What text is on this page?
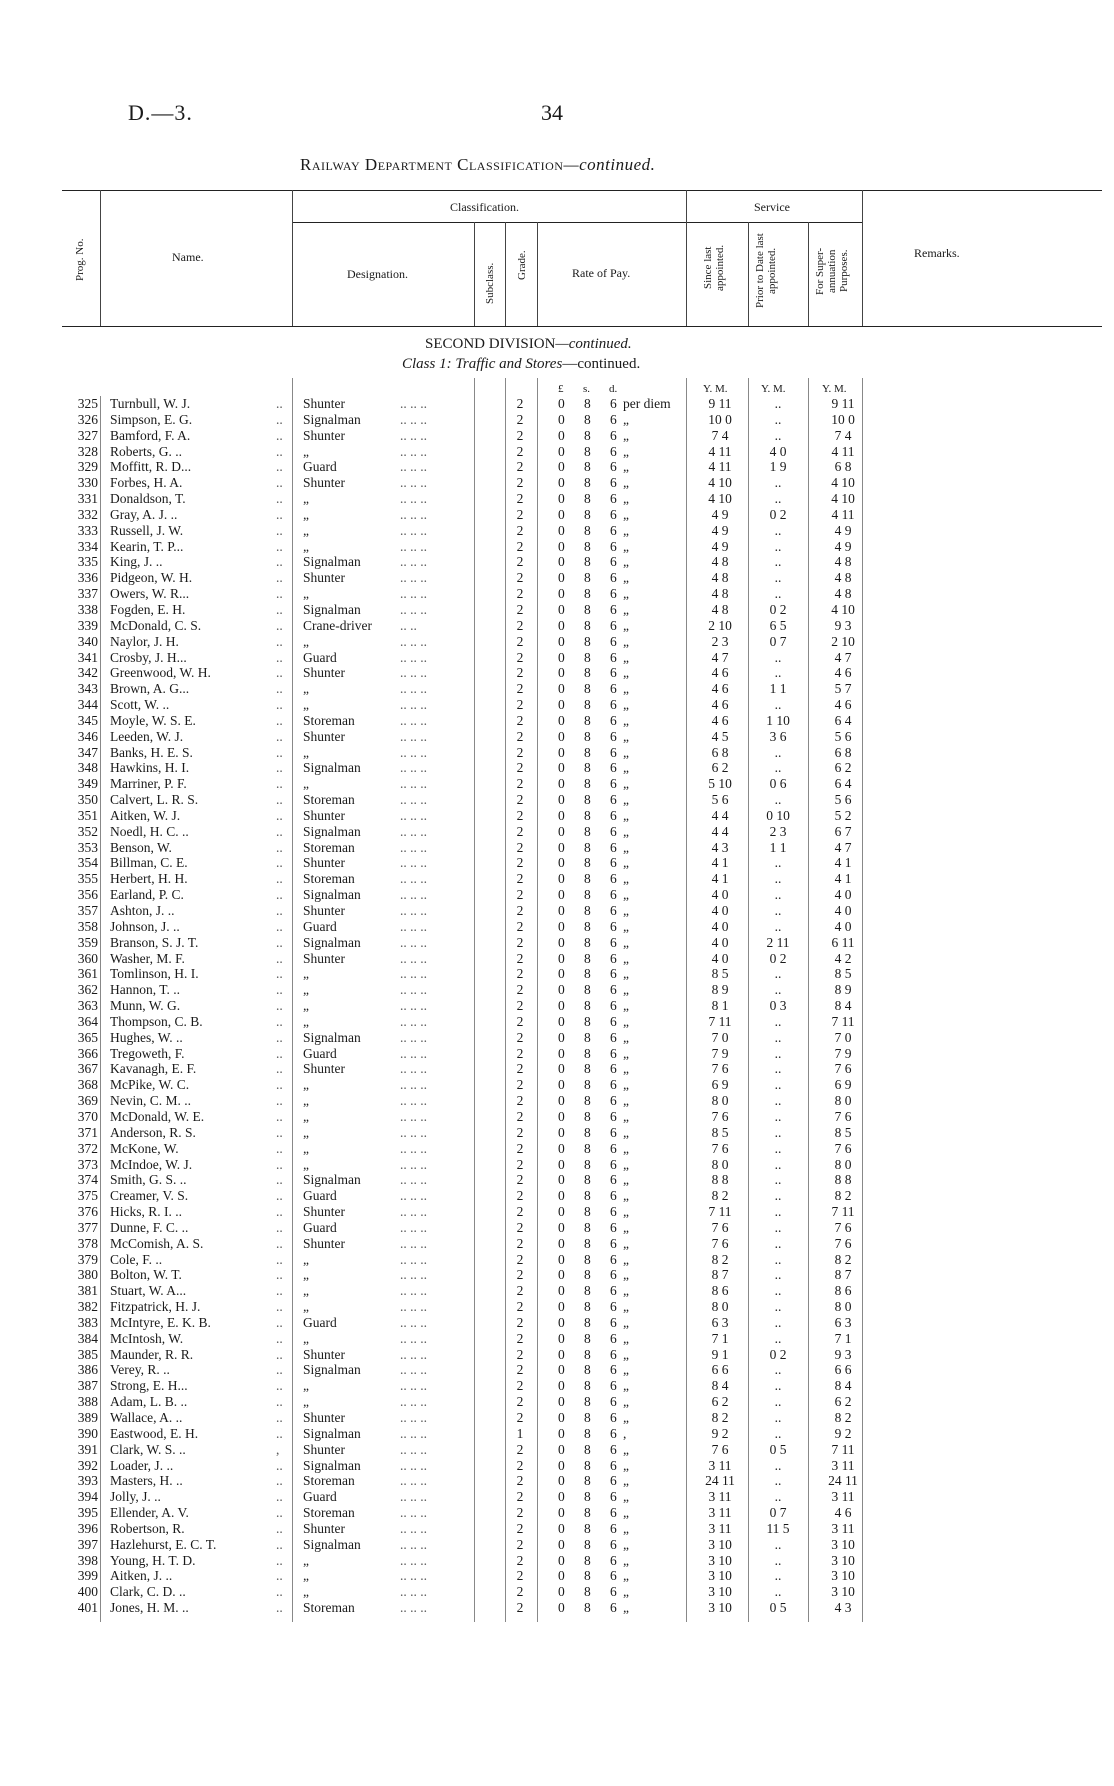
D.—3.	34
Railway Department Classification—continued.
Prog. No.	Name.
Classification.
Designation.	Subclass. Grade.	Rate of Pay.
Service
Since last appointed.	Prior to Date last appointed.	For Super- annuation Purposes.	Remarks.
SECOND DIVISION—continued.
Class 1: Traffic and Stores—continued.
£ s. d.	Y. M.	Y. M.	Y. M.
325 Turnbull, W. J.	.. Shunter	.. .. ..	2	0 8 6 per diem	9 11	..	9 11
326 Simpson, E. G.	.. Signalman	.. .. ..	2	0 8 6 „	10 0	..	10 0
327 Bamford, F. A.	.. Shunter	.. .. ..	2	0 8 6 „	7 4	..	7 4
328 Roberts, G. ..	.. „	.. .. ..	2	0 8 6 „	4 11	4 0	4 11
329 Moffitt, R. D...	.. Guard	.. .. ..	2	0 8 6 „	4 11	1 9	6 8
330 Forbes, H. A.	.. Shunter	.. .. ..	2	0 8 6 „	4 10	..	4 10
331 Donaldson, T.	.. „	.. .. ..	2	0 8 6 „	4 10	..	4 10
332 Gray, A. J. ..	.. „	.. .. ..	2	0 8 6 „	4 9	0 2	4 11
333 Russell, J. W.	.. „	.. .. ..	2	0 8 6 „	4 9	..	4 9
334 Kearin, T. P...	.. „	.. .. ..	2	0 8 6 „	4 9	..	4 9
335 King, J. ..	.. Signalman	.. .. ..	2	0 8 6 „	4 8	..	4 8
336 Pidgeon, W. H.	.. Shunter	.. .. ..	2	0 8 6 „	4 8	..	4 8
337 Owers, W. R...	.. „	.. .. ..	2	0 8 6 „	4 8	..	4 8
338 Fogden, E. H.	.. Signalman	.. .. ..	2	0 8 6 „	4 8	0 2	4 10
339 McDonald, C. S.	.. Crane-driver .. ..	2	0 8 6 „	2 10	6 5	9 3
340 Naylor, J. H.	.. „	.. .. ..	2	0 8 6 „	2 3	0 7	2 10
341 Crosby, J. H...	.. Guard	.. .. ..	2	0 8 6 „	4 7	..	4 7
342 Greenwood, W. H.	.. Shunter	.. .. ..	2	0 8 6 „	4 6	..	4 6
343 Brown, A. G...	.. „	.. .. ..	2	0 8 6 „	4 6	1 1	5 7
344 Scott, W. ..	.. „	.. .. ..	2	0 8 6 „	4 6	..	4 6
345 Moyle, W. S. E.	.. Storeman	.. .. ..	2	0 8 6 „	4 6	1 10	6 4
346 Leeden, W. J.	.. Shunter	.. .. ..	2	0 8 6 „	4 5	3 6	5 6
347 Banks, H. E. S.	.. „	.. .. ..	2	0 8 6 „	6 8	..	6 8
348 Hawkins, H. I.	.. Signalman	.. .. ..	2	0 8 6 „	6 2	..	6 2
349 Marriner, P. F.	.. „	.. .. ..	2	0 8 6 „	5 10	0 6	6 4
350 Calvert, L. R. S.	.. Storeman	.. .. ..	2	0 8 6 „	5 6	..	5 6
351 Aitken, W. J.	.. Shunter	.. .. ..	2	0 8 6 „	4 4	0 10	5 2
352 Noedl, H. C. ..	.. Signalman	.. .. ..	2	0 8 6 „	4 4	2 3	6 7
353 Benson, W.	.. Storeman	.. .. ..	2	0 8 6 „	4 3	1 1	4 7
354 Billman, C. E.	.. Shunter	.. .. ..	2	0 8 6 „	4 1	..	4 1
355 Herbert, H. H.	.. Storeman	.. .. ..	2	0 8 6 „	4 1	..	4 1
356 Earland, P. C.	.. Signalman	.. .. ..	2	0 8 6 „	4 0	..	4 0
357 Ashton, J. ..	.. Shunter	.. .. ..	2	0 8 6 „	4 0	..	4 0
358 Johnson, J. ..	.. Guard	.. .. ..	2	0 8 6 „	4 0	..	4 0
359 Branson, S. J. T.	.. Signalman	.. .. ..	2	0 8 6 „	4 0	2 11	6 11
360 Washer, M. F.	.. Shunter	.. .. ..	2	0 8 6 „	4 0	0 2	4 2
361 Tomlinson, H. I.	.. „	.. .. ..	2	0 8 6 „	8 5	..	8 5
362 Hannon, T. ..	.. „	.. .. ..	2	0 8 6 „	8 9	..	8 9
363 Munn, W. G.	.. „	.. .. ..	2	0 8 6 „	8 1	0 3	8 4
364 Thompson, C. B.	.. „	.. .. ..	2	0 8 6 „	7 11	..	7 11
365 Hughes, W. ..	.. Signalman	.. .. ..	2	0 8 6 „	7 0	..	7 0
366 Tregoweth, F.	.. Guard	.. .. ..	2	0 8 6 „	7 9	..	7 9
367 Kavanagh, E. F.	.. Shunter	.. .. ..	2	0 8 6 „	7 6	..	7 6
368 McPike, W. C.	.. „	.. .. ..	2	0 8 6 „	6 9	..	6 9
369 Nevin, C. M. ..	.. „	.. .. ..	2	0 8 6 „	8 0	..	8 0
370 McDonald, W. E.	.. „	.. .. ..	2	0 8 6 „	7 6	..	7 6
371 Anderson, R. S.	.. „	.. .. ..	2	0 8 6 „	8 5	..	8 5
372 McKone, W.	.. „	.. .. ..	2	0 8 6 „	7 6	..	7 6
373 McIndoe, W. J.	.. „	.. .. ..	2	0 8 6 „	8 0	..	8 0
374 Smith, G. S. ..	.. Signalman	.. .. ..	2	0 8 6 „	8 8	..	8 8
375 Creamer, V. S.	.. Guard	.. .. ..	2	0 8 6 „	8 2	..	8 2
376 Hicks, R. I. ..	.. Shunter	.. .. ..	2	0 8 6 „	7 11	..	7 11
377 Dunne, F. C. ..	.. Guard	.. .. ..	2	0 8 6 „	7 6	..	7 6
378 McComish, A. S.	.. Shunter	.. .. ..	2	0 8 6 „	7 6	..	7 6
379 Cole, F. ..	.. „	.. .. ..	2	0 8 6 „	8 2	..	8 2
380 Bolton, W. T.	.. „	.. .. ..	2	0 8 6 „	8 7	..	8 7
381 Stuart, W. A...	.. „	.. .. ..	2	0 8 6 „	8 6	..	8 6
382 Fitzpatrick, H. J.	.. „	.. .. ..	2	0 8 6 „	8 0	..	8 0
383 McIntyre, E. K. B.	.. Guard	.. .. ..	2	0 8 6 „	6 3	..	6 3
384 McIntosh, W.	.. „	.. .. ..	2	0 8 6 „	7 1	..	7 1
385 Maunder, R. R.	.. Shunter	.. .. ..	2	0 8 6 „	9 1	0 2	9 3
386 Verey, R. ..	.. Signalman	.. .. ..	2	0 8 6 „	6 6	..	6 6
387 Strong, E. H...	.. „	.. .. ..	2	0 8 6 „	8 4	..	8 4
388 Adam, L. B. ..	.. „	.. .. ..	2	0 8 6 „	6 2	..	6 2
389 Wallace, A. ..	.. Shunter	.. .. ..	2	0 8 6 „	8 2	..	8 2
390 Eastwood, E. H.	.. Signalman	.. .. ..	1	0 8 6 ,	9 2	..	9 2
391 Clark, W. S. ..	, Shunter	.. .. ..	2	0 8 6 „	7 6	0 5	7 11
392 Loader, J. ..	.. Signalman	.. .. ..	2	0 8 6 „	3 11	..	3 11
393 Masters, H. ..	.. Storeman	.. .. ..	2	0 8 6 „	24 11	..	24 11
394 Jolly, J. ..	.. Guard	.. .. ..	2	0 8 6 „	3 11	..	3 11
395 Ellender, A. V.	.. Storeman	.. .. ..	2	0 8 6 „	3 11	0 7	4 6
396 Robertson, R.	.. Shunter	.. .. ..	2	0 8 6 „	3 11	11 5	3 11
397 Hazlehurst, E. C. T.	.. Signalman	.. .. ..	2	0 8 6 „	3 10	..	3 10
398 Young, H. T. D.	.. „	.. .. ..	2	0 8 6 „	3 10	..	3 10
399 Aitken, J. ..	.. „	.. .. ..	2	0 8 6 „	3 10	..	3 10
400 Clark, C. D. ..	.. „	.. .. ..	2	0 8 6 „	3 10	..	3 10
401 Jones, H. M. ..	.. Storeman	.. .. ..	2	0 8 6 „	3 10	0 5	4 3
